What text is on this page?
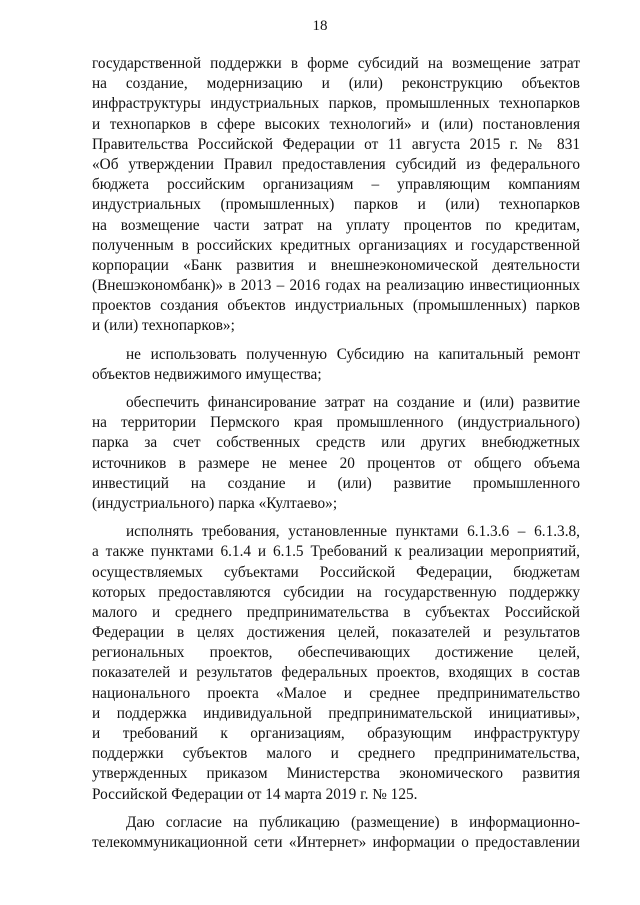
18
государственной поддержки в форме субсидий на возмещение затрат
на создание, модернизацию и (или) реконструкцию объектов
инфраструктуры индустриальных парков, промышленных технопарков
и технопарков в сфере высоких технологий» и (или) постановления
Правительства Российской Федерации от 11 августа 2015 г. № 831
«Об утверждении Правил предоставления субсидий из федерального
бюджета российским организациям – управляющим компаниям
индустриальных (промышленных) парков и (или) технопарков
на возмещение части затрат на уплату процентов по кредитам,
полученным в российских кредитных организациях и государственной
корпорации «Банк развития и внешнеэкономической деятельности
(Внешэкономбанк)» в 2013 – 2016 годах на реализацию инвестиционных
проектов создания объектов индустриальных (промышленных) парков
и (или) технопарков»;
не использовать полученную Субсидию на капитальный ремонт
объектов недвижимого имущества;
обеспечить финансирование затрат на создание и (или) развитие
на территории Пермского края промышленного (индустриального)
парка за счет собственных средств или других внебюджетных
источников в размере не менее 20 процентов от общего объема
инвестиций на создание и (или) развитие промышленного
(индустриального) парка «Култаево»;
исполнять требования, установленные пунктами 6.1.3.6 – 6.1.3.8,
а также пунктами 6.1.4 и 6.1.5 Требований к реализации мероприятий,
осуществляемых субъектами Российской Федерации, бюджетам
которых предоставляются субсидии на государственную поддержку
малого и среднего предпринимательства в субъектах Российской
Федерации в целях достижения целей, показателей и результатов
региональных проектов, обеспечивающих достижение целей,
показателей и результатов федеральных проектов, входящих в состав
национального проекта «Малое и среднее предпринимательство
и поддержка индивидуальной предпринимательской инициативы»,
и требований к организациям, образующим инфраструктуру
поддержки субъектов малого и среднего предпринимательства,
утвержденных приказом Министерства экономического развития
Российской Федерации от 14 марта 2019 г. № 125.
Даю согласие на публикацию (размещение) в информационно-
телекоммуникационной сети «Интернет» информации о предоставлении
